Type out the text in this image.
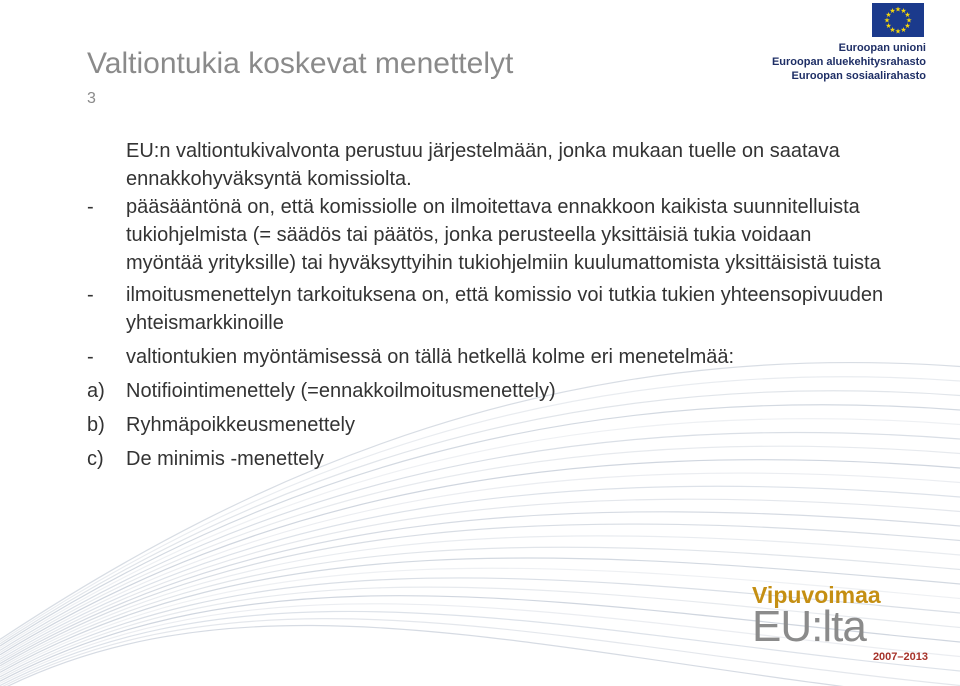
Valtiontukia koskevat menettelyt
3
★ ★
★
★
★
★
★
★
★
★
★
★
Euroopan unioni
Euroopan aluekehitysrahasto
Euroopan sosiaalirahasto
EU:n valtiontukivalvonta perustuu järjestelmään, jonka mukaan tuelle on saatava ennakkohyväksyntä komissiolta.
-	pääsääntönä on, että komissiolle on ilmoitettava ennakkoon kaikista suunnitelluista tukiohjelmista (= säädös tai päätös, jonka perusteella yksittäisiä tukia voidaan myöntää yrityksille) tai hyväksyttyihin tukiohjelmiin kuulumattomista yksittäisistä tuista
-	ilmoitusmenettelyn tarkoituksena on, että komissio voi tutkia tukien yhteensopivuuden yhteismarkkinoille
-	valtiontukien myöntämisessä on tällä hetkellä kolme eri menetelmää:
a)	Notifiointimenettely (=ennakkoilmoitusmenettely)
b)	Ryhmäpoikkeusmenettely
c)	De minimis -menettely
Vipuvoimaa
EU:lta
2007–2013
